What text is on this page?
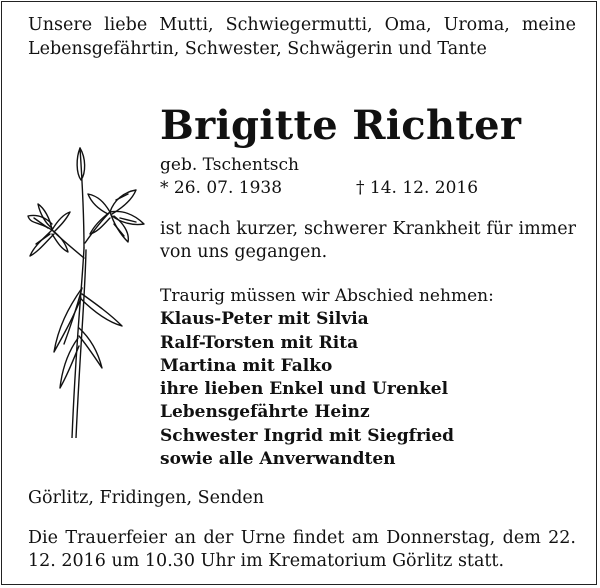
Unsere liebe Mutti, Schwiegermutti, Oma, Uroma, meine Lebensgefährtin, Schwester, Schwägerin und Tante
Brigitte Richter
geb. Tschentsch
* 26. 07. 1938	† 14. 12. 2016
ist nach kurzer, schwerer Krankheit für immer von uns gegangen.
Traurig müssen wir Abschied nehmen:
Klaus-Peter mit Silvia
Ralf-Torsten mit Rita
Martina mit Falko
ihre lieben Enkel und Urenkel
Lebensgefährte Heinz
Schwester Ingrid mit Siegfried
sowie alle Anverwandten
Görlitz, Fridingen, Senden
Die Trauerfeier an der Urne findet am Donnerstag, dem 22. 12. 2016 um 10.30 Uhr im Krematorium Görlitz statt.
